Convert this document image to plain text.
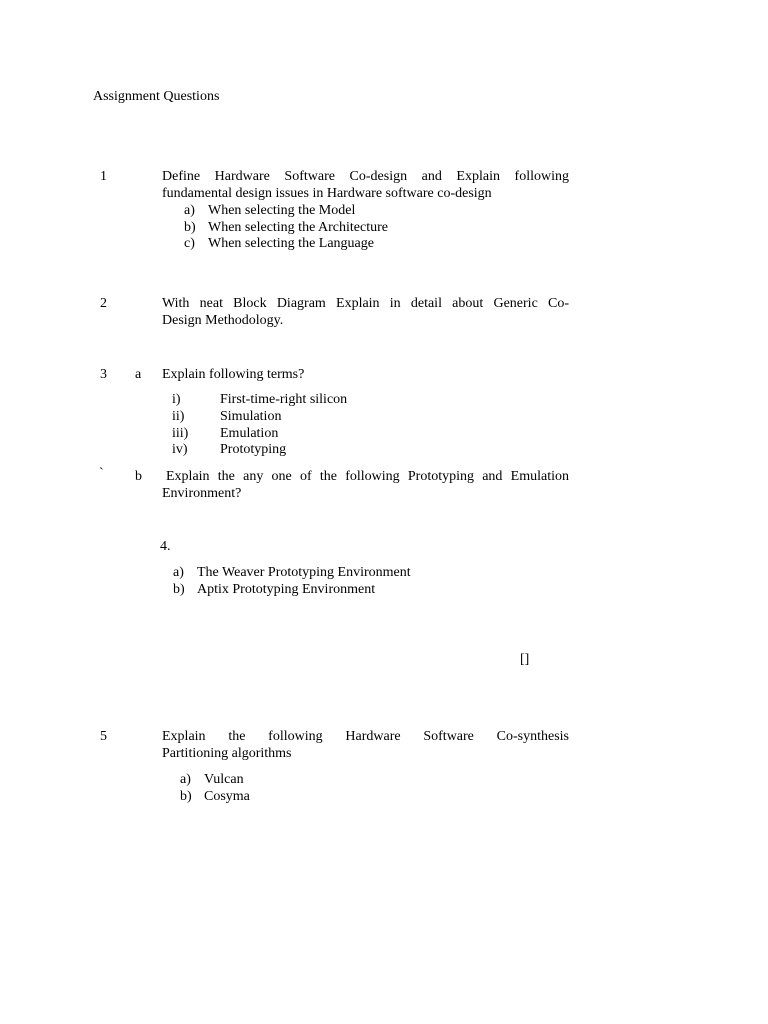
Assignment Questions
1	Define Hardware Software Co-design and Explain following
fundamental design issues in Hardware software co-design
a) When selecting the Model
b) When selecting the Architecture
c) When selecting the Language
2	With neat Block Diagram Explain in detail about Generic Co-
Design Methodology.
3 a Explain following terms?
i)	First-time-right silicon
ii)	Simulation
iii) Emulation
iv) Prototyping
` b Explain the any one of the following Prototyping and Emulation
Environment?
4.
a) The Weaver Prototyping Environment
b) Aptix Prototyping Environment
[]
5	Explain the following Hardware Software Co-synthesis
Partitioning algorithms
a) Vulcan
b) Cosyma
